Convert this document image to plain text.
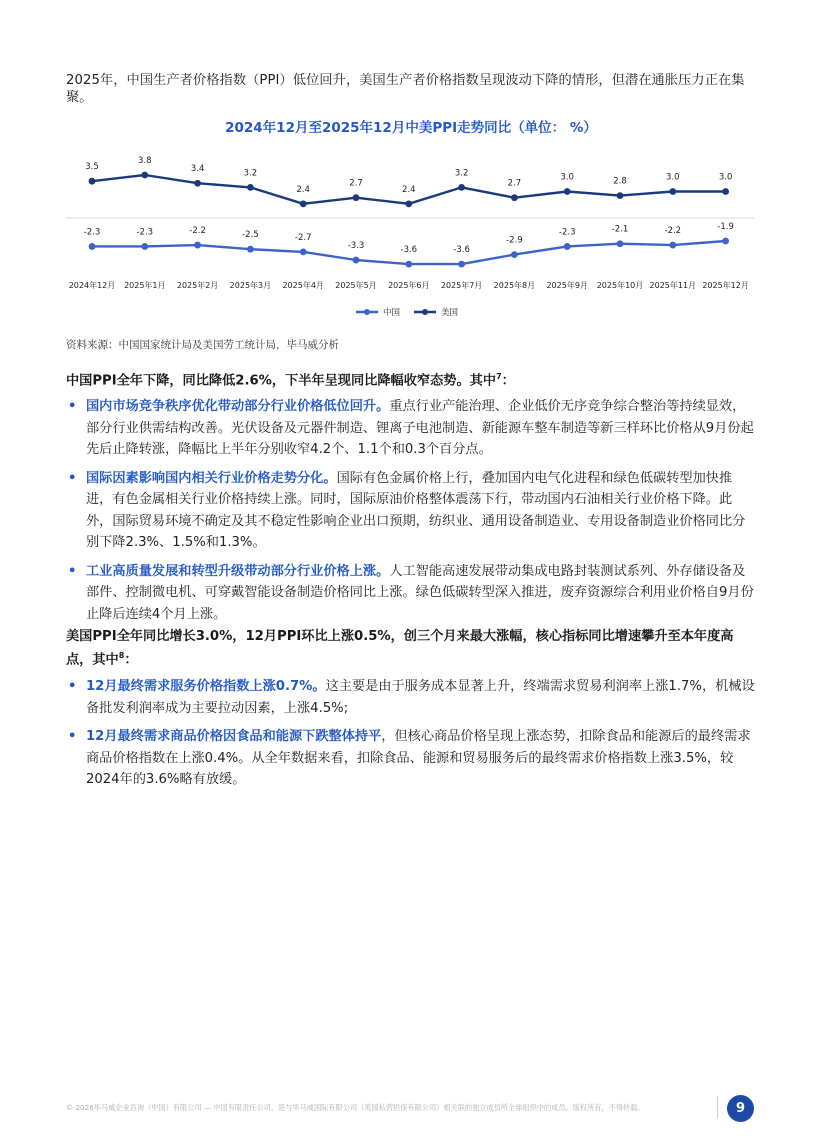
2025年，中国生产者价格指数（PPI）低位回升，美国生产者价格指数呈现波动下降的情形，但潜在通胀压力正在集聚。

2024年12月至2025年12月中美PPI走势同比（单位： %）

3.5
3.8
3.4	3.2
2.4
2.7
2.4
3.2
2.7
3.0	2.8	3.0	3.0
-2.3	-2.3	-2.2	-2.5	-2.7
-3.3	-3.6	-3.6
-2.9
-2.3	-2.1	-2.2	-1.9
2024年12月 2025年1月 2025年2月 2025年3月 2025年4月 2025年5月 2025年6月 2025年7月 2025年8月 2025年9月 2025年10月 2025年11月 2025年12月
中国	美国
资料来源：中国国家统计局及美国劳工统计局，毕马威分析

中国PPI全年下降，同比降低2.6%，下半年呈现同比降幅收窄态势。其中$^7$：

• 国内市场竞争秩序优化带动部分行业价格低位回升。重点行业产能治理、企业低价无序竞争综合整治等持续显效，部分行业供需结构改善。光伏设备及元器件制造、锂离子电池制造、新能源车整车制造等新三样环比价格从9月份起先后止降转涨，降幅比上半年分别收窄4.2个、1.1个和0.3个百分点。
• 国际因素影响国内相关行业价格走势分化。国际有色金属价格上行，叠加国内电气化进程和绿色低碳转型加快推进，有色金属相关行业价格持续上涨。同时，国际原油价格整体震荡下行，带动国内石油相关行业价格下降。此外，国际贸易环境不确定及其不稳定性影响企业出口预期，纺织业、通用设备制造业、专用设备制造业价格同比分别下降2.3%、1.5%和1.3%。
• 工业高质量发展和转型升级带动部分行业价格上涨。人工智能高速发展带动集成电路封装测试系列、外存储设备及部件、控制微电机、可穿戴智能设备制造价格同比上涨。绿色低碳转型深入推进，废弃资源综合利用业价格自9月份止降后连续4个月上涨。

美国PPI全年同比增长3.0%，12月PPI环比上涨0.5%，创三个月来最大涨幅，核心指标同比增速攀升至本年度高点，其中$^8$：

• 12月最终需求服务价格指数上涨0.7%。这主要是由于服务成本显著上升，终端需求贸易利润率上涨1.7%，机械设备批发利润率成为主要拉动因素，上涨4.5%;
• 12月最终需求商品价格因食品和能源下跌整体持平，但核心商品价格呈现上涨态势，扣除食品和能源后的最终需求商品价格指数在上涨0.4%。从全年数据来看，扣除食品、能源和贸易服务后的最终需求价格指数上涨3.5%，较2024年的3.6%略有放缓。
© 2026毕马威企业咨询（中国）有限公司 — 中国有限责任公司，是与毕马威国际有限公司（英国私营担保有限公司）相关联的独立成员所全球组织中的成员。版权所有，不得转载。	9
